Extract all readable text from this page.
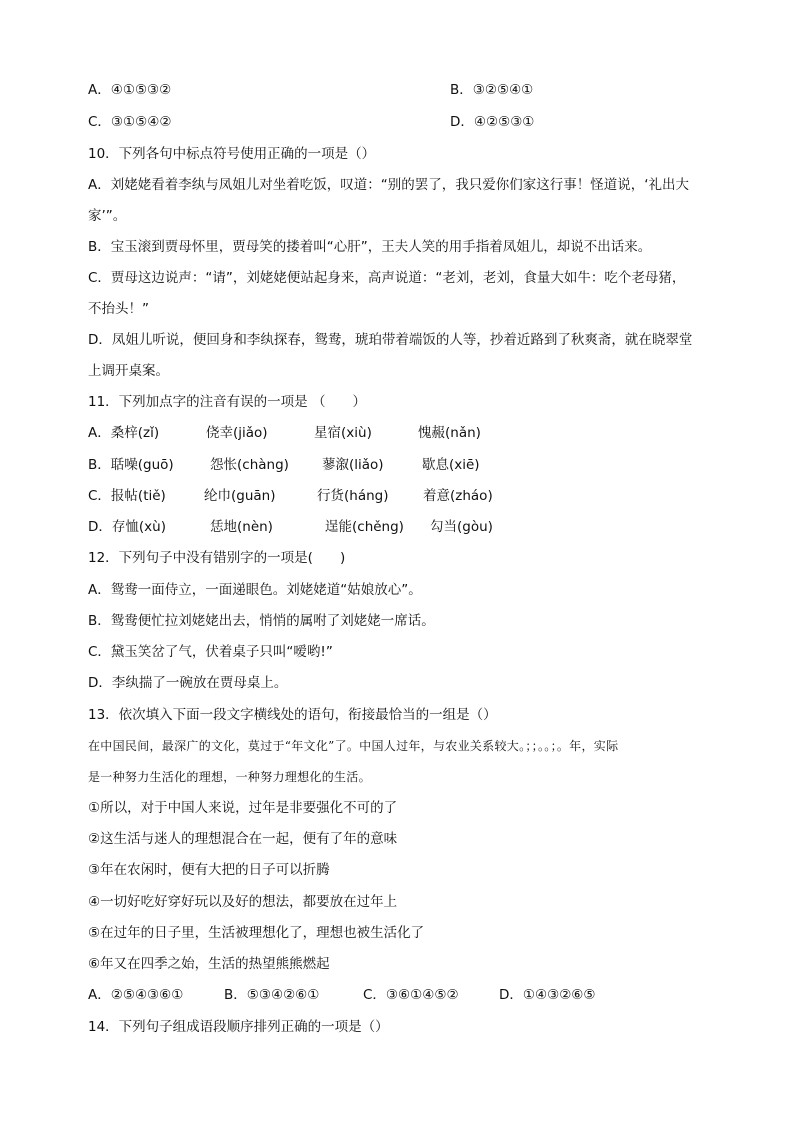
A．④①⑤③②	B．③②⑤④①
C．③①⑤④②	D．④②⑤③①
10．下列各句中标点符号使用正确的一项是（）
A．刘姥姥看着李纨与凤姐儿对坐着吃饭，叹道：“别的罢了，我只爱你们家这行事！怪道说，‘礼出大
家’”。
B．宝玉滚到贾母怀里，贾母笑的搂着叫“心肝”，王夫人笑的用手指着凤姐儿，却说不出话来。
C．贾母这边说声：“请”，刘姥姥便站起身来，高声说道：“老刘，老刘，食量大如牛：吃个老母猪，
不抬头！”
D．凤姐儿听说，便回身和李纨探春，鸳鸯，琥珀带着端饭的人等，抄着近路到了秋爽斋，就在晓翠堂
上调开桌案。
11．下列加点字的注音有误的一项是 （　　）
A．桑梓(zǐ)	侥幸(jiǎo)	星宿(xiù)	愧赧(nǎn)
B．聒噪(guō)	怨怅(chàng) 蓼溆(liǎo)	歇息(xiē)
C．报帖(tiě)	纶巾(guān)	行货(háng)	着意(zháo)
D．存恤(xù)	恁地(nèn)	逞能(chěng) 勾当(gòu)
12．下列句子中没有错别字的一项是(　　)
A．鸳鸯一面侍立，一面递眼色。刘姥姥道“姑娘放心”。
B．鸳鸯便忙拉刘姥姥出去，悄悄的属咐了刘姥姥一席话。
C．黛玉笑岔了气，伏着桌子只叫“嗳哟!”
D．李纨揣了一碗放在贾母桌上。
13．依次填入下面一段文字横线处的语句，衔接最恰当的一组是（）
在中国民间，最深广的文化，莫过于“年文化”了。中国人过年，与农业关系较大。；；。。；。年，实际
是一种努力生活化的理想，一种努力理想化的生活。
①所以，对于中国人来说，过年是非要强化不可的了
②这生活与迷人的理想混合在一起，便有了年的意味
③年在农闲时，便有大把的日子可以折腾
④一切好吃好穿好玩以及好的想法，都要放在过年上
⑤在过年的日子里，生活被理想化了，理想也被生活化了
⑥年又在四季之始，生活的热望熊熊燃起
A．②⑤④③⑥①	B．⑤③④②⑥①	C．③⑥①④⑤②	D．①④③②⑥⑤
14．下列句子组成语段顺序排列正确的一项是（）
